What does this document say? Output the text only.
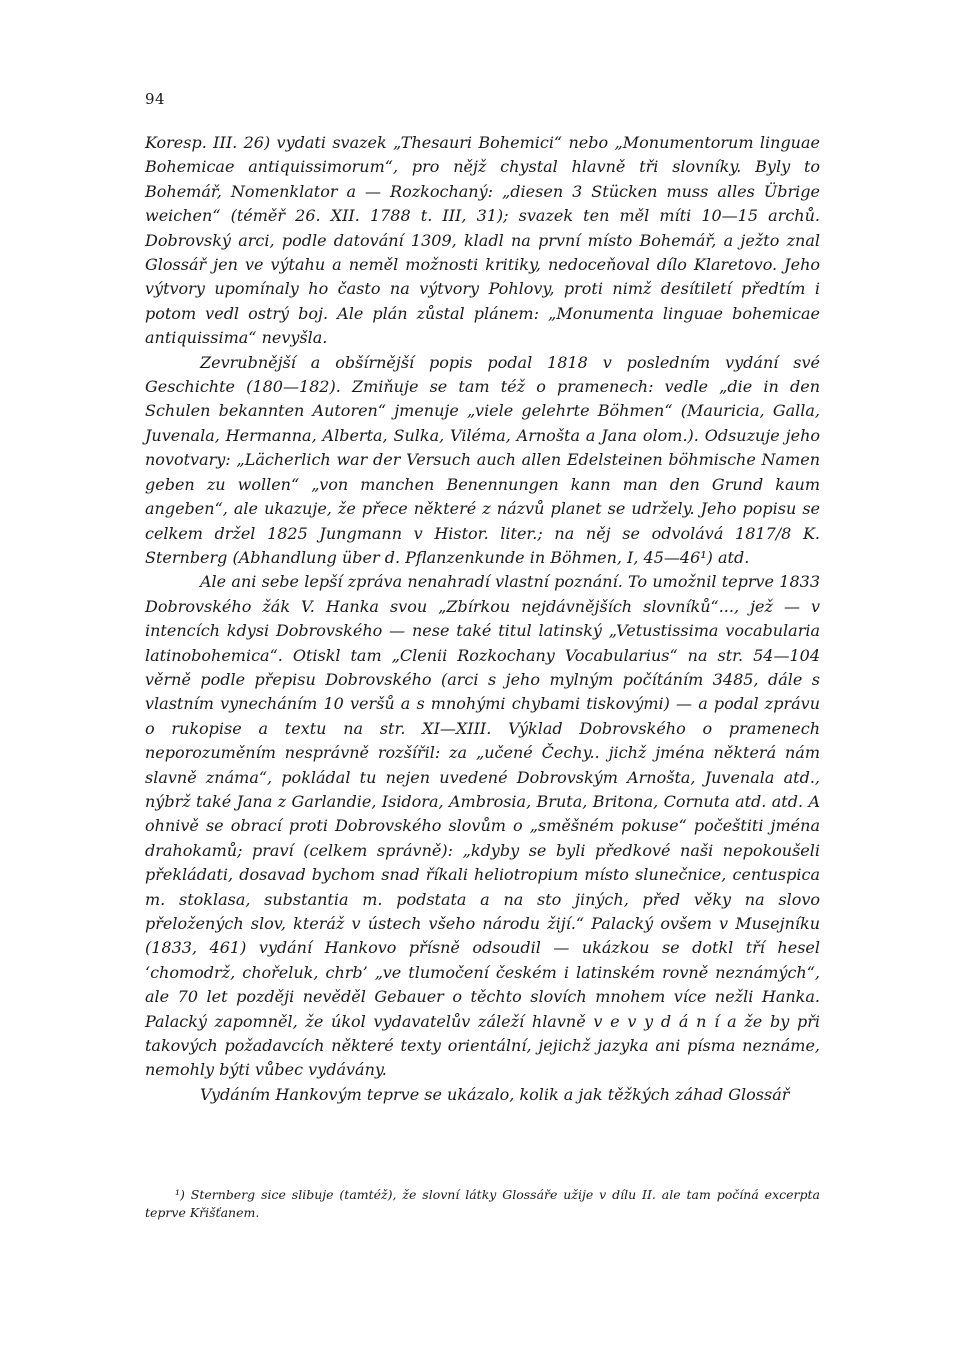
94

Koresp. III. 26) vydati svazek „Thesauri Bohemici“ nebo „Monumentorum linguae Bohemicae antiquissimorum“, pro nějž chystal hlavně tři slovníky. Byly to Bohemář, Nomenklator a — Rozkochaný: „diesen 3 Stücken muss alles Übrige weichen“ (téměř 26. XII. 1788 t. III, 31); svazek ten měl míti 10—15 archů. Dobrovský arci, podle datování 1309, kladl na první místo Bohemář, a ježto znal Glossář jen ve výtahu a neměl možnosti kritiky, nedoceňoval dílo Klaretovo. Jeho výtvory upomínaly ho často na výtvory Pohlovy, proti nimž desítiletí předtím i potom vedl ostrý boj. Ale plán zůstal plánem: „Monumenta linguae bohemicae antiquissima“ nevyšla.

Zevrubnější a obšírnější popis podal 1818 v posledním vydání své Geschichte (180—182). Zmiňuje se tam též o pramenech: vedle „die in den Schulen bekannten Autoren“ jmenuje „viele gelehrte Böhmen“ (Mauricia, Galla, Juvenala, Hermanna, Alberta, Sulka, Viléma, Arnošta a Jana olom.). Odsuzuje jeho novotvary: „Lächerlich war der Versuch auch allen Edelsteinen böhmische Namen geben zu wollen“ „von manchen Benennungen kann man den Grund kaum angeben“, ale ukazuje, že přece některé z názvů planet se udržely. Jeho popisu se celkem držel 1825 Jungmann v Histor. liter.; na něj se odvolává 1817/8 K. Sternberg (Abhandlung über d. Pflanzenkunde in Böhmen, I, 45—46¹) atd.

Ale ani sebe lepší zpráva nenahradí vlastní poznání. To umožnil teprve 1833 Dobrovského žák V. Hanka svou „Zbírkou nejdávnějších slovníků“..., jež — v intencích kdysi Dobrovského — nese také titul latinský „Vetustissima vocabularia latinobohemica“. Otiskl tam „Clenii Rozkochany Vocabularius“ na str. 54—104 věrně podle přepisu Dobrovského (arci s jeho mylným počítáním 3485, dále s vlastním vynecháním 10 veršů a s mnohými chybami tiskovými) — a podal zprávu o rukopise a textu na str. XI—XIII. Výklad Dobrovského o pramenech neporozuměním nesprávně rozšířil: za „učené Čechy.. jichž jména některá nám slavně známa“, pokládal tu nejen uvedené Dobrovským Arnošta, Juvenala atd., nýbrž také Jana z Garlandie, Isidora, Ambrosia, Bruta, Britona, Cornuta atd. atd. A ohnivě se obrací proti Dobrovského slovům o „směšném pokuse“ počeštiti jména drahokamů; praví (celkem správně): „kdyby se byli předkové naši nepokoušeli překládati, dosavad bychom snad říkali heliotropium místo slunečnice, centuspica m. stoklasa, substantia m. podstata a na sto jiných, před věky na slovo přeložených slov, kteráž v ústech všeho národu žijí.“ Palacký ovšem v Musejníku (1833, 461) vydání Hankovo přísně odsoudil — ukázkou se dotkl tří hesel ‘chomodrž, chořeluk, chrb’ „ve tlumočení českém i latinském rovně neznámých“, ale 70 let později nevěděl Gebauer o těchto slovích mnohem více nežli Hanka. Palacký zapomněl, že úkol vydavatelův záleží hlavně v e v y d á n í a že by při takových požadavcích některé texty orientální, jejichž jazyka ani písma neznáme, nemohly býti vůbec vydávány.

Vydáním Hankovým teprve se ukázalo, kolik a jak těžkých záhad Glossář

¹) Sternberg sice slibuje (tamtéž), že slovní látky Glossáře užije v dílu II. ale tam počíná excerpta teprve Křišťanem.
